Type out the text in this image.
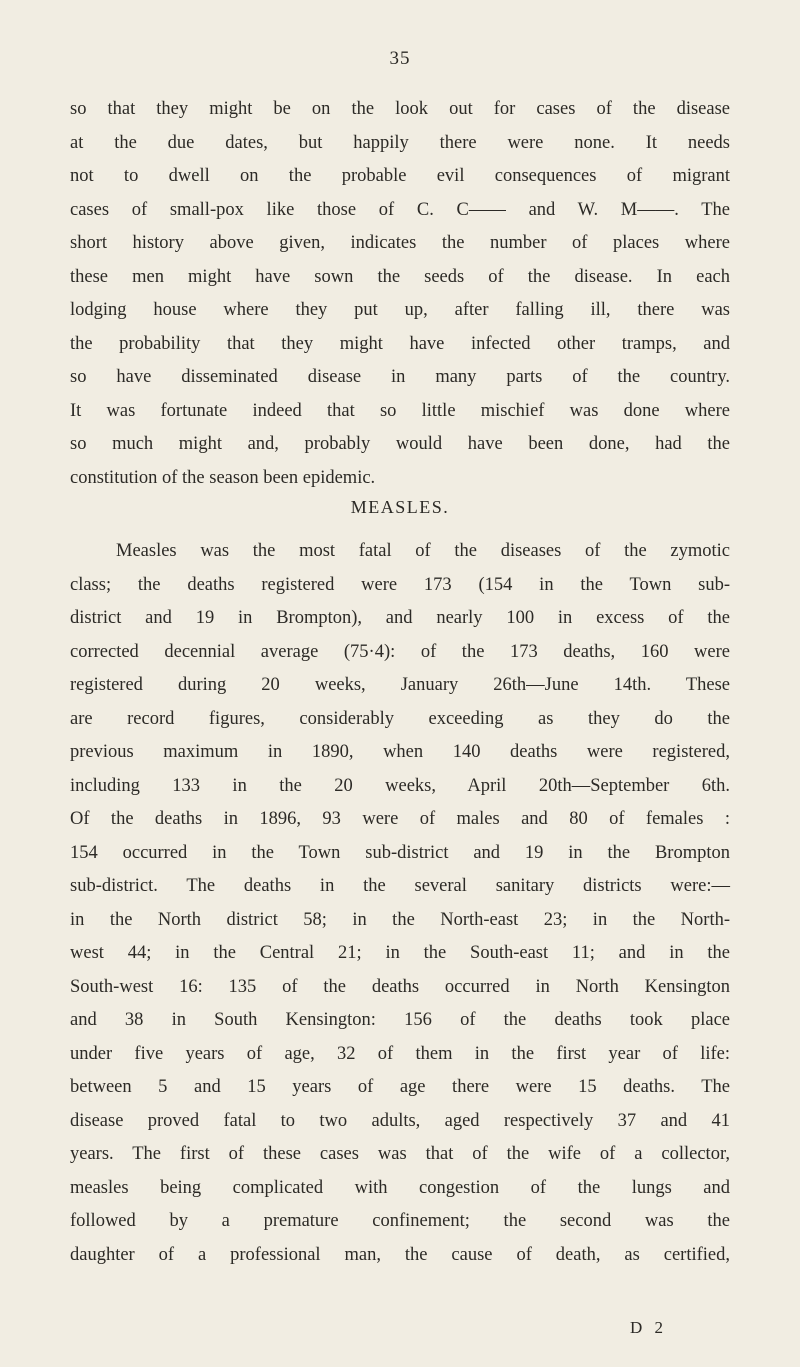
35
so that they might be on the look out for cases of the disease
at the due dates, but happily there were none. It needs
not to dwell on the probable evil consequences of migrant
cases of small-pox like those of C. C—— and W. M——. The
short history above given, indicates the number of places where
these men might have sown the seeds of the disease. In each
lodging house where they put up, after falling ill, there was
the probability that they might have infected other tramps, and
so have disseminated disease in many parts of the country.
It was fortunate indeed that so little mischief was done where
so much might and, probably would have been done, had the
constitution of the season been epidemic.
MEASLES.
Measles was the most fatal of the diseases of the zymotic
class; the deaths registered were 173 (154 in the Town sub-
district and 19 in Brompton), and nearly 100 in excess of the
corrected decennial average (75·4): of the 173 deaths, 160 were
registered during 20 weeks, January 26th—June 14th. These
are record figures, considerably exceeding as they do the
previous maximum in 1890, when 140 deaths were registered,
including 133 in the 20 weeks, April 20th—September 6th.
Of the deaths in 1896, 93 were of males and 80 of females :
154 occurred in the Town sub-district and 19 in the Brompton
sub-district. The deaths in the several sanitary districts were:—
in the North district 58; in the North-east 23; in the North-
west 44; in the Central 21; in the South-east 11; and in the
South-west 16: 135 of the deaths occurred in North Kensington
and 38 in South Kensington: 156 of the deaths took place
under five years of age, 32 of them in the first year of life:
between 5 and 15 years of age there were 15 deaths. The
disease proved fatal to two adults, aged respectively 37 and 41
years. The first of these cases was that of the wife of a collector,
measles being complicated with congestion of the lungs and
followed by a premature confinement; the second was the
daughter of a professional man, the cause of death, as certified,
D 2
